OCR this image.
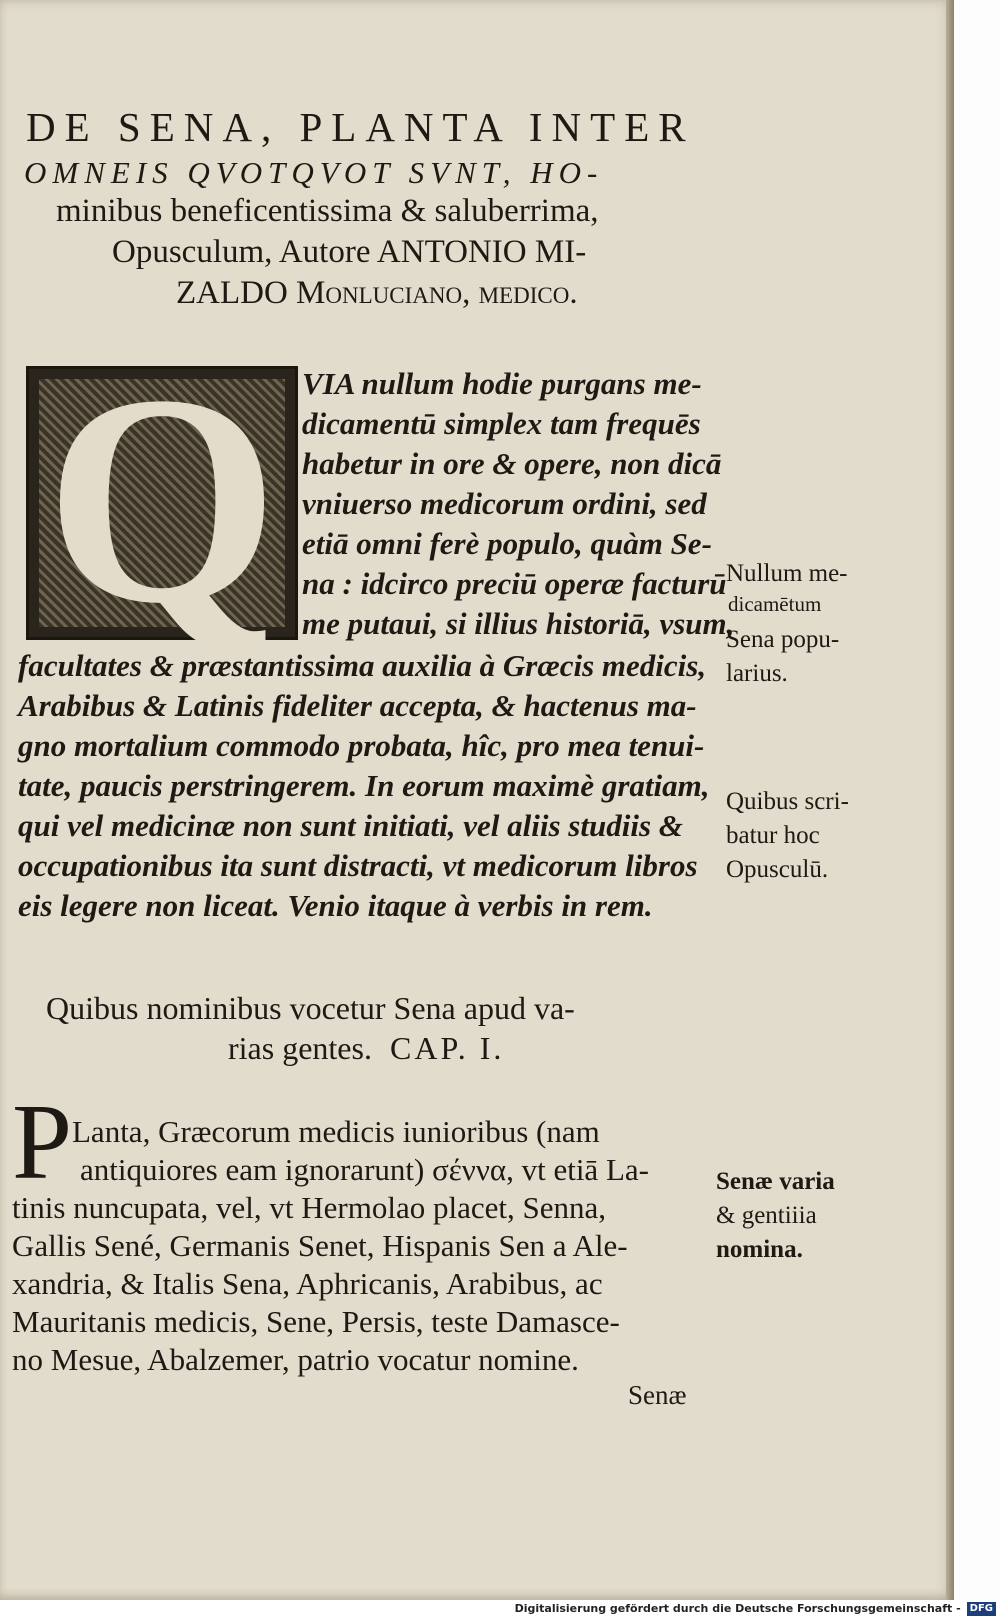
DE SENA, PLANTA INTER
OMNEIS QVOTQVOT SVNT, HO-
minibus beneficentissima & saluberrima,
Opusculum, Autore ANTONIO MI-
ZALDO Monluciano, medico.
Q VIA nullum hodie purgans me-
dicamentū simplex tam frequēs
habetur in ore & opere, non dicā
vniuerso medicorum ordini, sed
etiā omni ferè populo, quàm Se-
na : idcirco preciū operæ facturū
me putaui, si illius historiā, vsum,
facultates & præstantissima auxilia à Græcis medicis,
Arabibus & Latinis fideliter accepta, & hactenus ma-
gno mortalium commodo probata, hîc, pro mea tenui-
tate, paucis perstringerem. In eorum maximè gratiam,
qui vel medicinæ non sunt initiati, vel aliis studiis &
occupationibus ita sunt distracti, vt medicorum libros
eis legere non liceat. Venio itaque à verbis in rem.
Nullum me-
dicamētum
Sena popu-
larius.
Quibus scri-
batur hoc
Opusculū.
Quibus nominibus vocetur Sena apud va-
rias gentes. CAP. I.
P Lanta, Græcorum medicis iunioribus (nam
antiquiores eam ignorarunt) σέννα, vt etiā La-
tinis nuncupata, vel, vt Hermolao placet, Senna,
Gallis Sené, Germanis Senet, Hispanis Sen a Ale-
xandria, & Italis Sena, Aphricanis, Arabibus, ac
Mauritanis medicis, Sene, Persis, teste Damasce-
no Mesue, Abalzemer, patrio vocatur nomine.
Senæ varia
& gentiiia
nomina.
Senæ
Digitalisierung gefördert durch die Deutsche Forschungsgemeinschaft - DFG
